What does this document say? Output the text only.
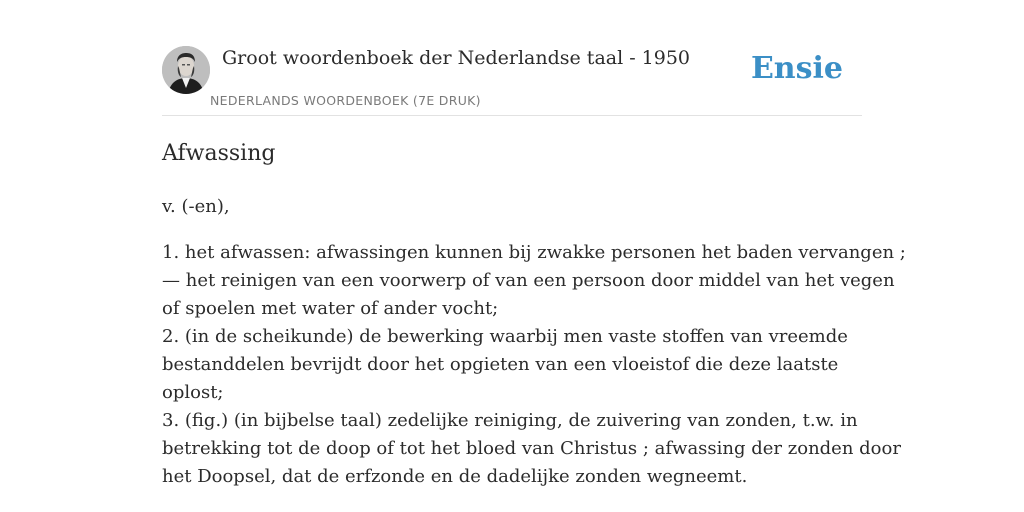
Groot woordenboek der Nederlandse taal - 1950
NEDERLANDS WOORDENBOEK (7E DRUK)
Ensie
Afwassing
v. (-en),
1. het afwassen: afwassingen kunnen bij zwakke personen het baden vervangen ;
— het reinigen van een voorwerp of van een persoon door middel van het vegen
of spoelen met water of ander vocht;
2. (in de scheikunde) de bewerking waarbij men vaste stoffen van vreemde
bestanddelen bevrijdt door het opgieten van een vloeistof die deze laatste
oplost;
3. (fig.) (in bijbelse taal) zedelijke reiniging, de zuivering van zonden, t.w. in
betrekking tot de doop of tot het bloed van Christus ; afwassing der zonden door
het Doopsel, dat de erfzonde en de dadelijke zonden wegneemt.
